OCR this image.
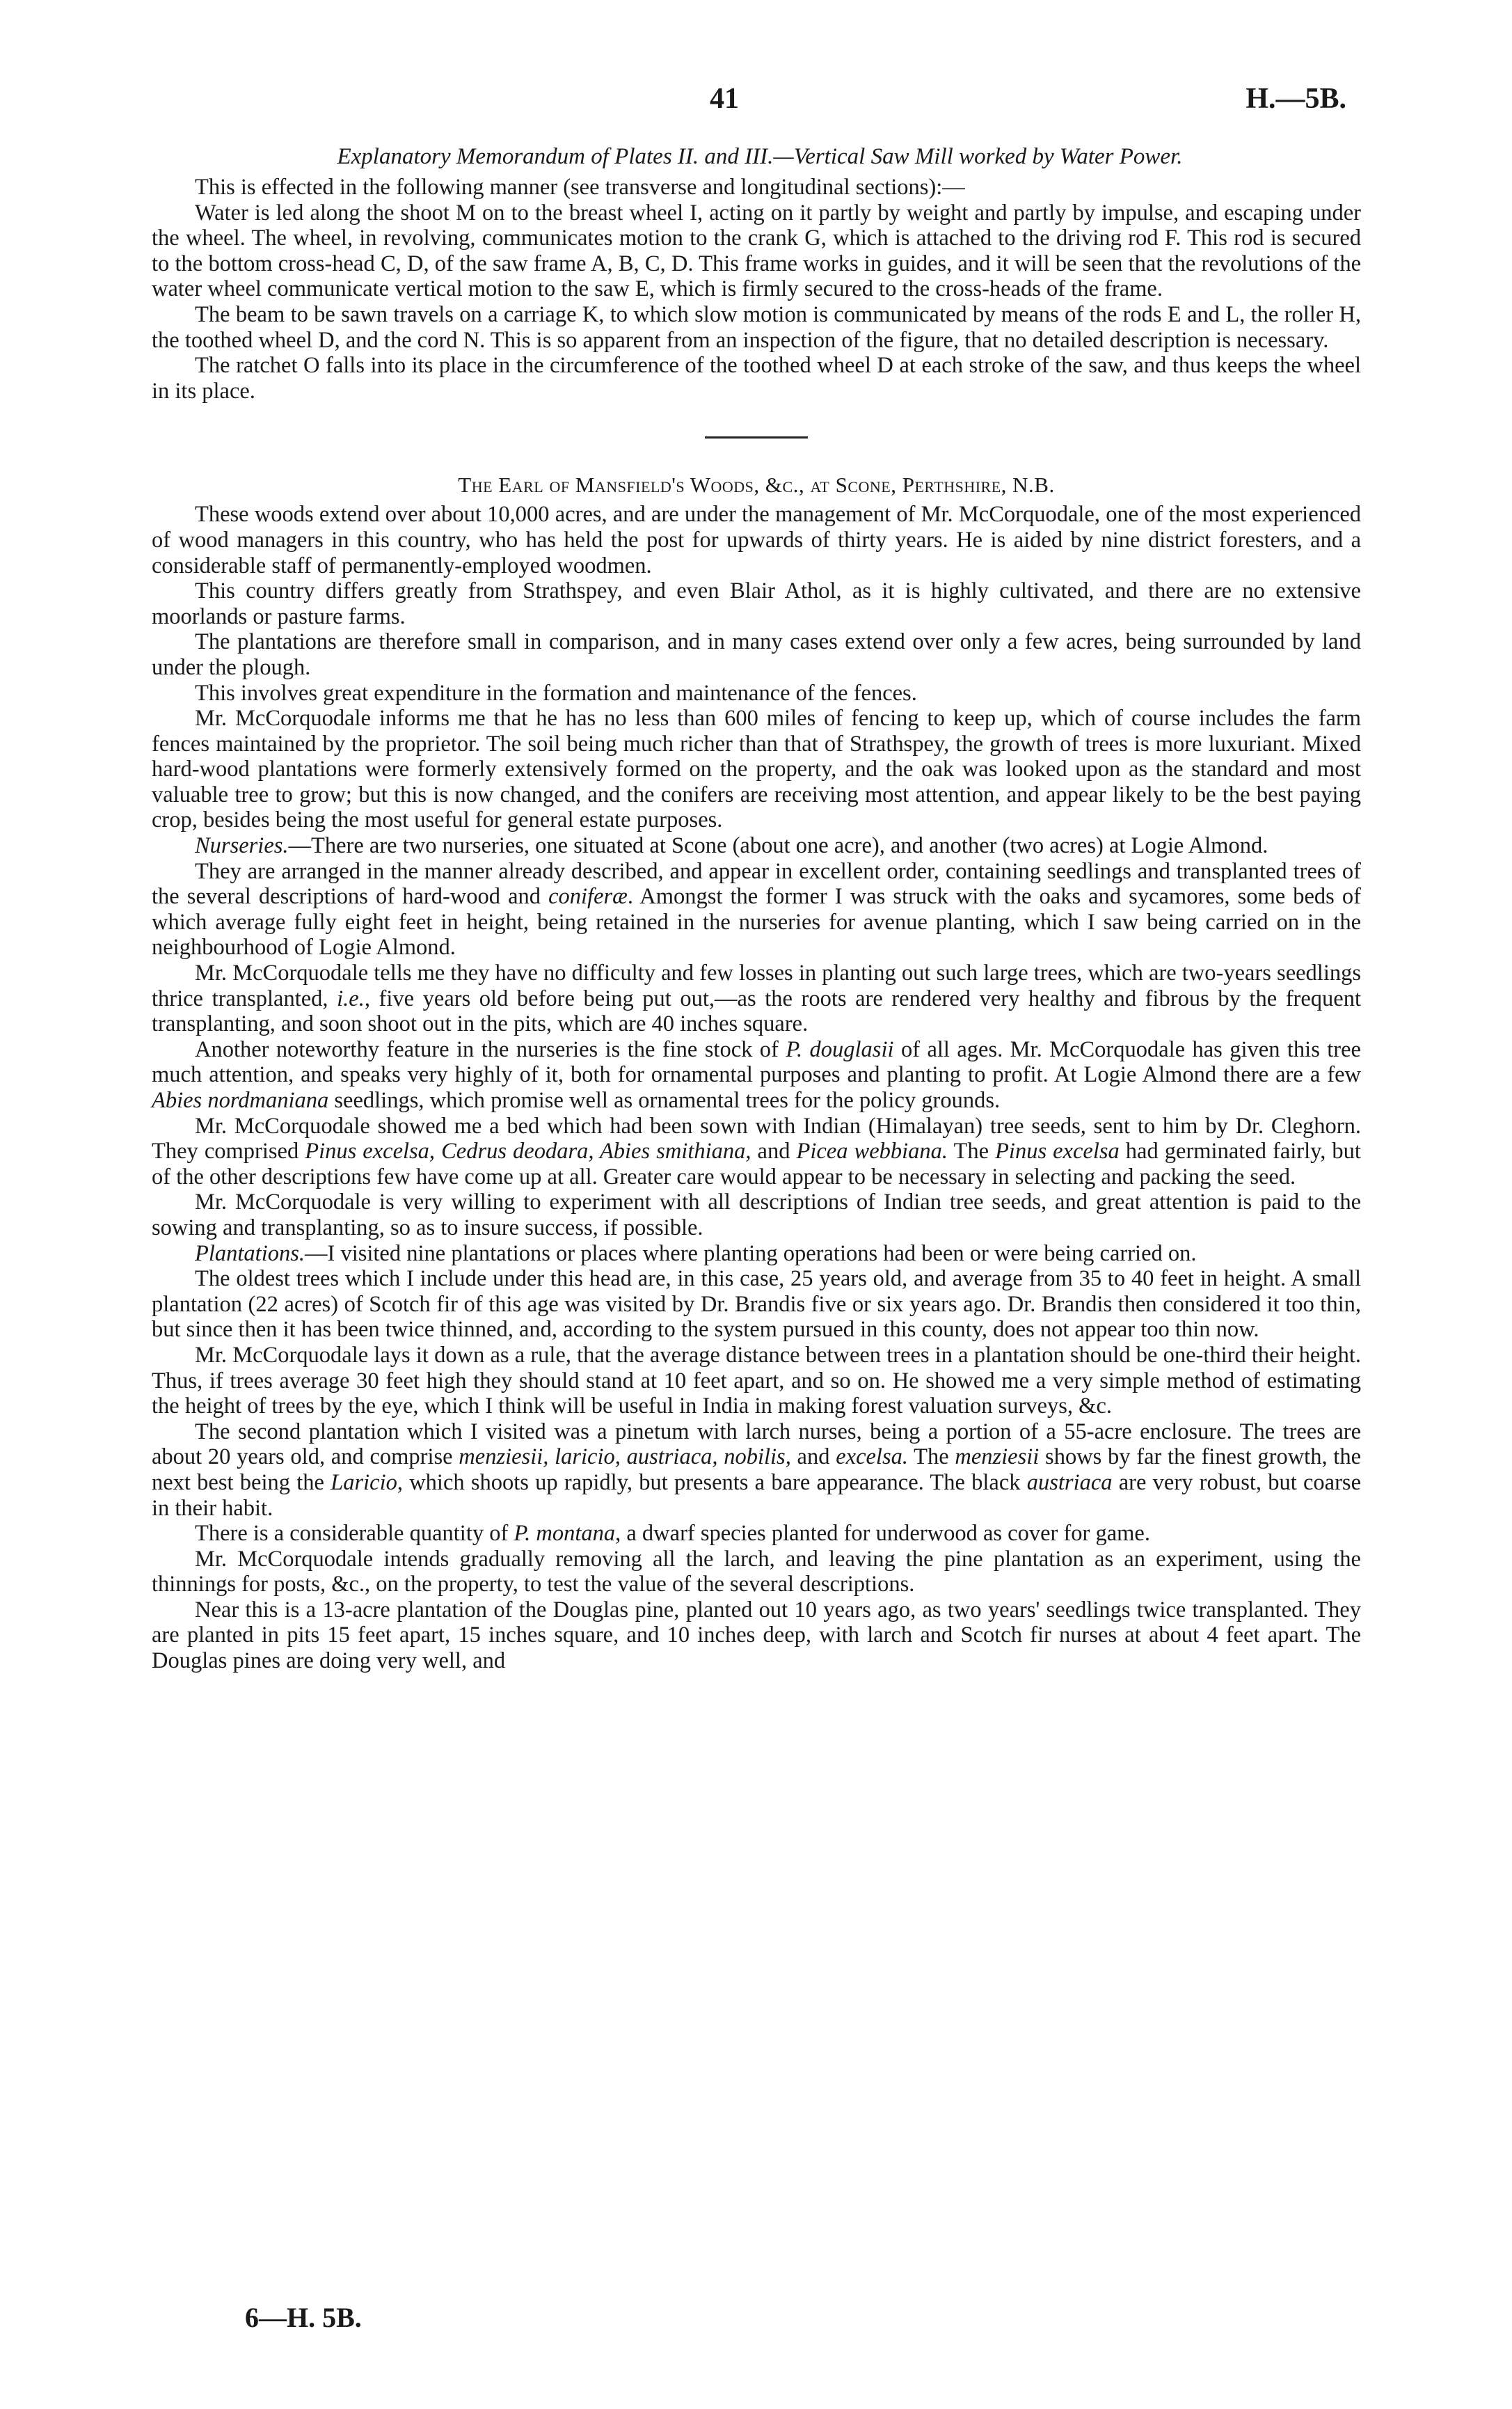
41	H.—5B.
Explanatory Memorandum of Plates II. and III.—Vertical Saw Mill worked by Water Power.

This is effected in the following manner (see transverse and longitudinal sections):—

Water is led along the shoot M on to the breast wheel I, acting on it partly by weight and partly by impulse, and escaping under the wheel. The wheel, in revolving, communicates motion to the crank G, which is attached to the driving rod F. This rod is secured to the bottom cross-head C, D, of the saw frame A, B, C, D. This frame works in guides, and it will be seen that the revolutions of the water wheel communicate vertical motion to the saw E, which is firmly secured to the cross-heads of the frame.

The beam to be sawn travels on a carriage K, to which slow motion is communicated by means of the rods E and L, the roller H, the toothed wheel D, and the cord N. This is so apparent from an inspection of the figure, that no detailed description is necessary.

The ratchet O falls into its place in the circumference of the toothed wheel D at each stroke of the saw, and thus keeps the wheel in its place.

The Earl of Mansfield's Woods, &c., at Scone, Perthshire, N.B.

These woods extend over about 10,000 acres, and are under the management of Mr. McCorquodale, one of the most experienced of wood managers in this country, who has held the post for upwards of thirty years. He is aided by nine district foresters, and a considerable staff of permanently-employed woodmen.

This country differs greatly from Strathspey, and even Blair Athol, as it is highly cultivated, and there are no extensive moorlands or pasture farms.

The plantations are therefore small in comparison, and in many cases extend over only a few acres, being surrounded by land under the plough.

This involves great expenditure in the formation and maintenance of the fences.

Mr. McCorquodale informs me that he has no less than 600 miles of fencing to keep up, which of course includes the farm fences maintained by the proprietor. The soil being much richer than that of Strathspey, the growth of trees is more luxuriant. Mixed hard-wood plantations were formerly extensively formed on the property, and the oak was looked upon as the standard and most valuable tree to grow; but this is now changed, and the conifers are receiving most attention, and appear likely to be the best paying crop, besides being the most useful for general estate purposes.

Nurseries.—There are two nurseries, one situated at Scone (about one acre), and another (two acres) at Logie Almond.

They are arranged in the manner already described, and appear in excellent order, containing seedlings and transplanted trees of the several descriptions of hard-wood and coniferæ. Amongst the former I was struck with the oaks and sycamores, some beds of which average fully eight feet in height, being retained in the nurseries for avenue planting, which I saw being carried on in the neighbourhood of Logie Almond.

Mr. McCorquodale tells me they have no difficulty and few losses in planting out such large trees, which are two-years seedlings thrice transplanted, i.e., five years old before being put out,—as the roots are rendered very healthy and fibrous by the frequent transplanting, and soon shoot out in the pits, which are 40 inches square.

Another noteworthy feature in the nurseries is the fine stock of P. douglasii of all ages. Mr. McCorquodale has given this tree much attention, and speaks very highly of it, both for ornamental purposes and planting to profit. At Logie Almond there are a few Abies nordmaniana seedlings, which promise well as ornamental trees for the policy grounds.

Mr. McCorquodale showed me a bed which had been sown with Indian (Himalayan) tree seeds, sent to him by Dr. Cleghorn. They comprised Pinus excelsa, Cedrus deodara, Abies smithiana, and Picea webbiana. The Pinus excelsa had germinated fairly, but of the other descriptions few have come up at all. Greater care would appear to be necessary in selecting and packing the seed.

Mr. McCorquodale is very willing to experiment with all descriptions of Indian tree seeds, and great attention is paid to the sowing and transplanting, so as to insure success, if possible.

Plantations.—I visited nine plantations or places where planting operations had been or were being carried on.

The oldest trees which I include under this head are, in this case, 25 years old, and average from 35 to 40 feet in height. A small plantation (22 acres) of Scotch fir of this age was visited by Dr. Brandis five or six years ago. Dr. Brandis then considered it too thin, but since then it has been twice thinned, and, according to the system pursued in this county, does not appear too thin now.

Mr. McCorquodale lays it down as a rule, that the average distance between trees in a plantation should be one-third their height. Thus, if trees average 30 feet high they should stand at 10 feet apart, and so on. He showed me a very simple method of estimating the height of trees by the eye, which I think will be useful in India in making forest valuation surveys, &c.

The second plantation which I visited was a pinetum with larch nurses, being a portion of a 55-acre enclosure. The trees are about 20 years old, and comprise menziesii, laricio, austriaca, nobilis, and excelsa. The menziesii shows by far the finest growth, the next best being the Laricio, which shoots up rapidly, but presents a bare appearance. The black austriaca are very robust, but coarse in their habit.

There is a considerable quantity of P. montana, a dwarf species planted for underwood as cover for game.

Mr. McCorquodale intends gradually removing all the larch, and leaving the pine plantation as an experiment, using the thinnings for posts, &c., on the property, to test the value of the several descriptions.

Near this is a 13-acre plantation of the Douglas pine, planted out 10 years ago, as two years' seedlings twice transplanted. They are planted in pits 15 feet apart, 15 inches square, and 10 inches deep, with larch and Scotch fir nurses at about 4 feet apart. The Douglas pines are doing very well, and

6—H. 5B.
